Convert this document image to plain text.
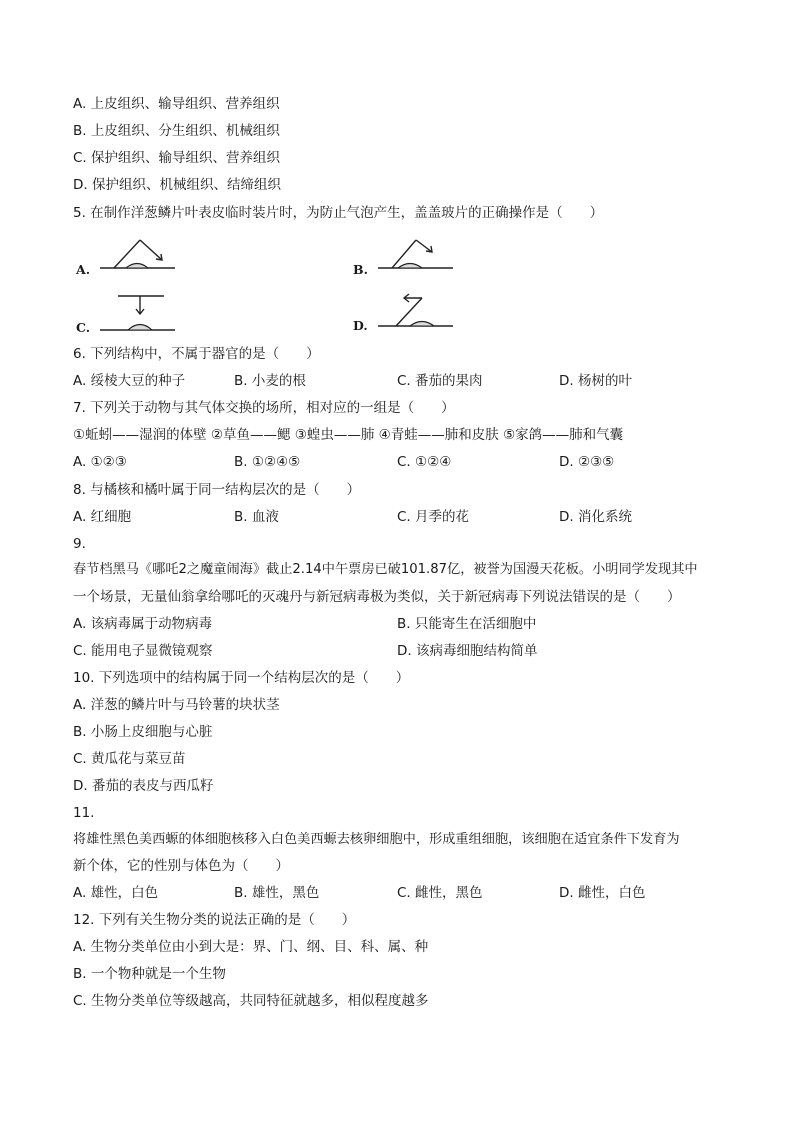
A. 上皮组织、输导组织、营养组织
B. 上皮组织、分生组织、机械组织
C. 保护组织、输导组织、营养组织
D. 保护组织、机械组织、结缔组织
5. 在制作洋葱鳞片叶表皮临时装片时，为防止气泡产生，盖盖玻片的正确操作是（　　）
A.	B.
C.	D.
6. 下列结构中，不属于器官的是（　　）
A. 绥棱大豆的种子	B. 小麦的根	C. 番茄的果肉	D. 杨树的叶
7. 下列关于动物与其气体交换的场所，相对应的一组是（　　）
①蚯蚓——湿润的体壁 ②草鱼——鳃 ③蝗虫——肺 ④青蛙——肺和皮肤 ⑤家鸽——肺和气囊
A. ①②③	B. ①②④⑤	C. ①②④	D. ②③⑤
8. 与橘核和橘叶属于同一结构层次的是（　　）
A. 红细胞	B. 血液	C. 月季的花	D. 消化系统
9.
春节档黑马《哪吒2之魔童闹海》截止2.14中午票房已破101.87亿，被誉为国漫天花板。小明同学发现其中
一个场景，无量仙翁拿给哪吒的灭魂丹与新冠病毒极为类似，关于新冠病毒下列说法错误的是（　　）
A. 该病毒属于动物病毒	B. 只能寄生在活细胞中
C. 能用电子显微镜观察	D. 该病毒细胞结构简单
10. 下列选项中的结构属于同一个结构层次的是（　　）
A. 洋葱的鳞片叶与马铃薯的块状茎
B. 小肠上皮细胞与心脏
C. 黄瓜花与菜豆苗
D. 番茄的表皮与西瓜籽
11.
将雄性黑色美西螈的体细胞核移入白色美西螈去核卵细胞中，形成重组细胞，该细胞在适宜条件下发育为
新个体，它的性别与体色为（　　）
A. 雄性，白色	B. 雄性，黑色	C. 雌性，黑色	D. 雌性，白色
12. 下列有关生物分类的说法正确的是（　　）
A. 生物分类单位由小到大是：界、门、纲、目、科、属、种
B. 一个物种就是一个生物
C. 生物分类单位等级越高，共同特征就越多，相似程度越多
